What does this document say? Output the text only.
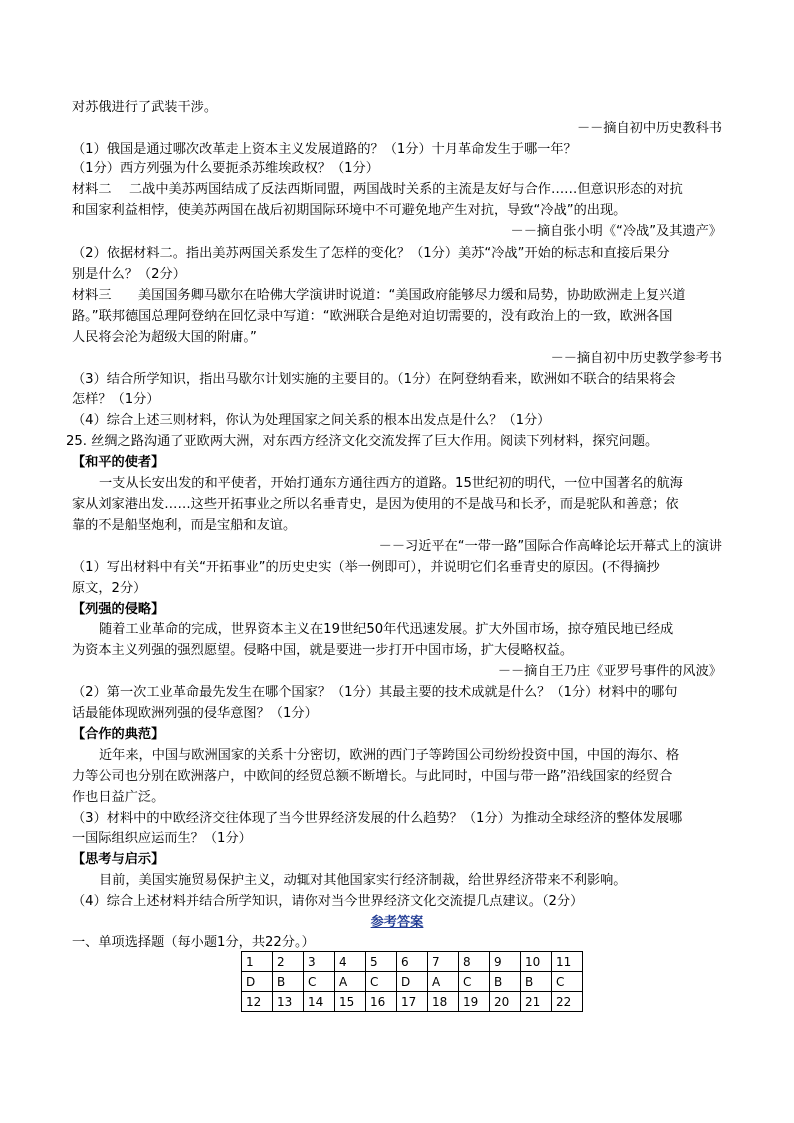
对苏俄进行了武装干涉。
－－摘自初中历史教科书
（1）俄国是通过哪次改革走上资本主义发展道路的？（1分）十月革命发生于哪一年？
（1分）西方列强为什么要扼杀苏维埃政权？（1分）
材料二　 二战中美苏两国结成了反法西斯同盟，两国战时关系的主流是友好与合作……但意识形态的对抗
和国家利益相悖，使美苏两国在战后初期国际环境中不可避免地产生对抗，导致“冷战”的出现。
－－摘自张小明《“冷战”及其遗产》
（2）依据材料二。指出美苏两国关系发生了怎样的变化？（1分）美苏“冷战”开始的标志和直接后果分
别是什么？（2分）
材料三　　美国国务卿马歇尔在哈佛大学演讲时说道：“美国政府能够尽力缓和局势，协助欧洲走上复兴道
路。”联邦德国总理阿登纳在回忆录中写道：“欧洲联合是绝对迫切需要的，没有政治上的一致，欧洲各国
人民将会沦为超级大国的附庸。”
－－摘自初中历史教学参考书
（3）结合所学知识，指出马歇尔计划实施的主要目的。（1分）在阿登纳看来，欧洲如不联合的结果将会
怎样？（1分）
（4）综合上述三则材料，你认为处理国家之间关系的根本出发点是什么？（1分）
25. 丝绸之路沟通了亚欧两大洲，对东西方经济文化交流发挥了巨大作用。阅读下列材料，探究问题。
【和平的使者】
一支从长安出发的和平使者，开始打通东方通往西方的道路。15世纪初的明代，一位中国著名的航海
家从刘家港出发……这些开拓事业之所以名垂青史，是因为使用的不是战马和长矛，而是驼队和善意；依
靠的不是船坚炮利，而是宝船和友谊。
－－习近平在“一带一路”国际合作高峰论坛开幕式上的演讲
（1）写出材料中有关“开拓事业”的历史史实（举一例即可），并说明它们名垂青史的原因。(不得摘抄
原文，2分）
【列强的侵略】
随着工业革命的完成，世界资本主义在19世纪50年代迅速发展。扩大外国市场，掠夺殖民地已经成
为资本主义列强的强烈愿望。侵略中国，就是要进一步打开中国市场，扩大侵略权益。
－－摘自王乃庄《亚罗号事件的风波》
（2）第一次工业革命最先发生在哪个国家？（1分）其最主要的技术成就是什么？（1分）材料中的哪句
话最能体现欧洲列强的侵华意图？（1分）
【合作的典范】
近年来，中国与欧洲国家的关系十分密切，欧洲的西门子等跨国公司纷纷投资中国，中国的海尔、格
力等公司也分别在欧洲落户，中欧间的经贸总额不断增长。与此同时，中国与带一路”沿线国家的经贸合
作也日益广泛。
（3）材料中的中欧经济交往体现了当今世界经济发展的什么趋势？（1分）为推动全球经济的整体发展哪
一国际组织应运而生？（1分）
【思考与启示】
目前，美国实施贸易保护主义，动辄对其他国家实行经济制裁，给世界经济带来不利影响。
（4）综合上述材料并结合所学知识，请你对当今世界经济文化交流提几点建议。（2分）
参考答案
一、单项选择题（每小题1分，共22分。）
1	2	3	4	5	6	7	8	9	10	11
D	B	C	A	C	D	A	C	B	B	C
12	13	14	15	16	17	18	19	20	21	22
